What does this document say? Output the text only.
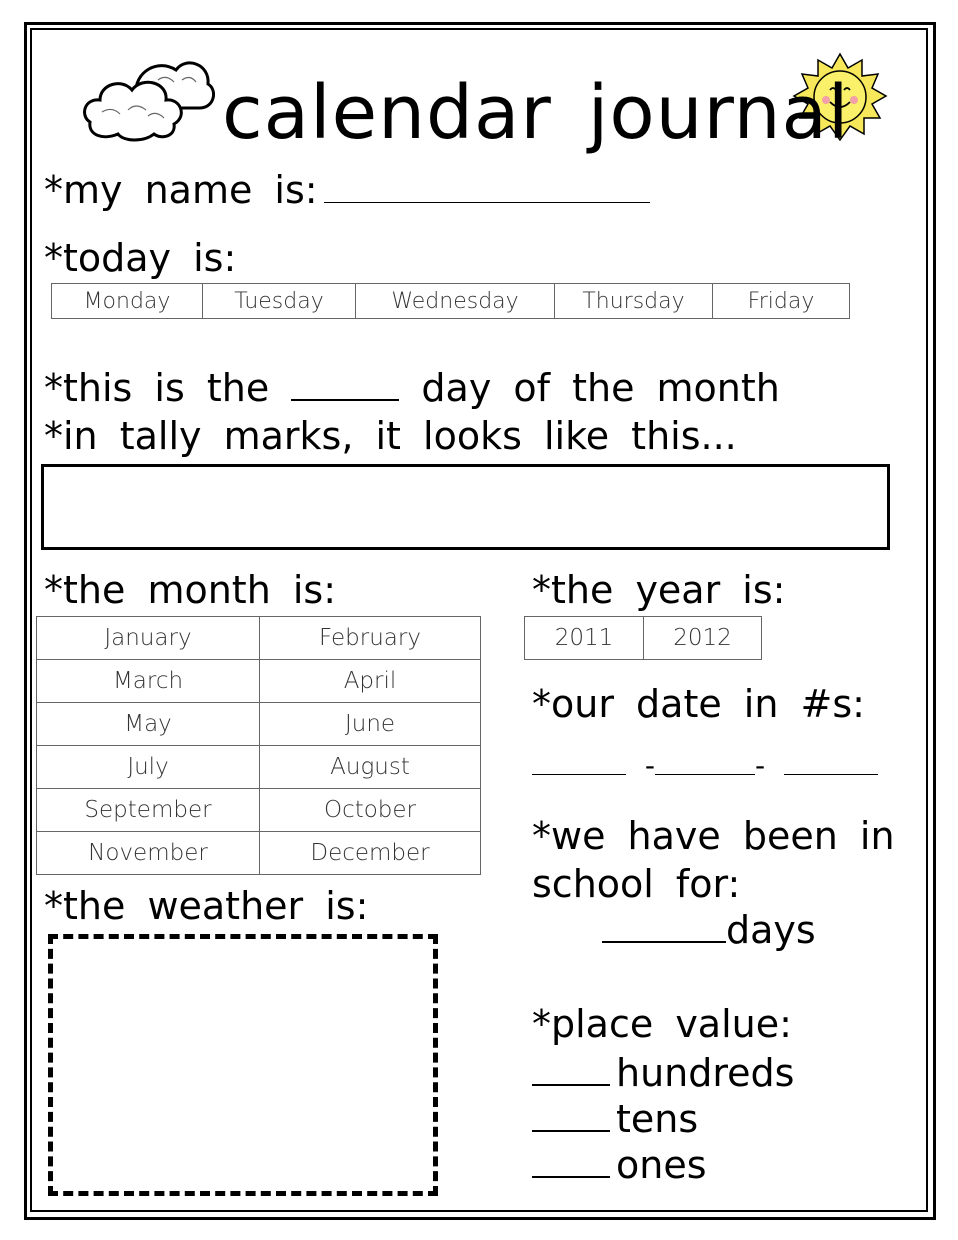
calendar journal
*my name is:
*today is:
Monday	Tuesday	Wednesday	Thursday	Friday
*this is the	day of the month
*in tally marks, it looks like this...
*the month is:
January	February
March	April
May	June
July	August
September	October
November	December
*the year is:
2011	2012
*our date in #s:
-	-
*we have been in
school for:
days
*the weather is:
*place value:
hundreds
tens
ones
